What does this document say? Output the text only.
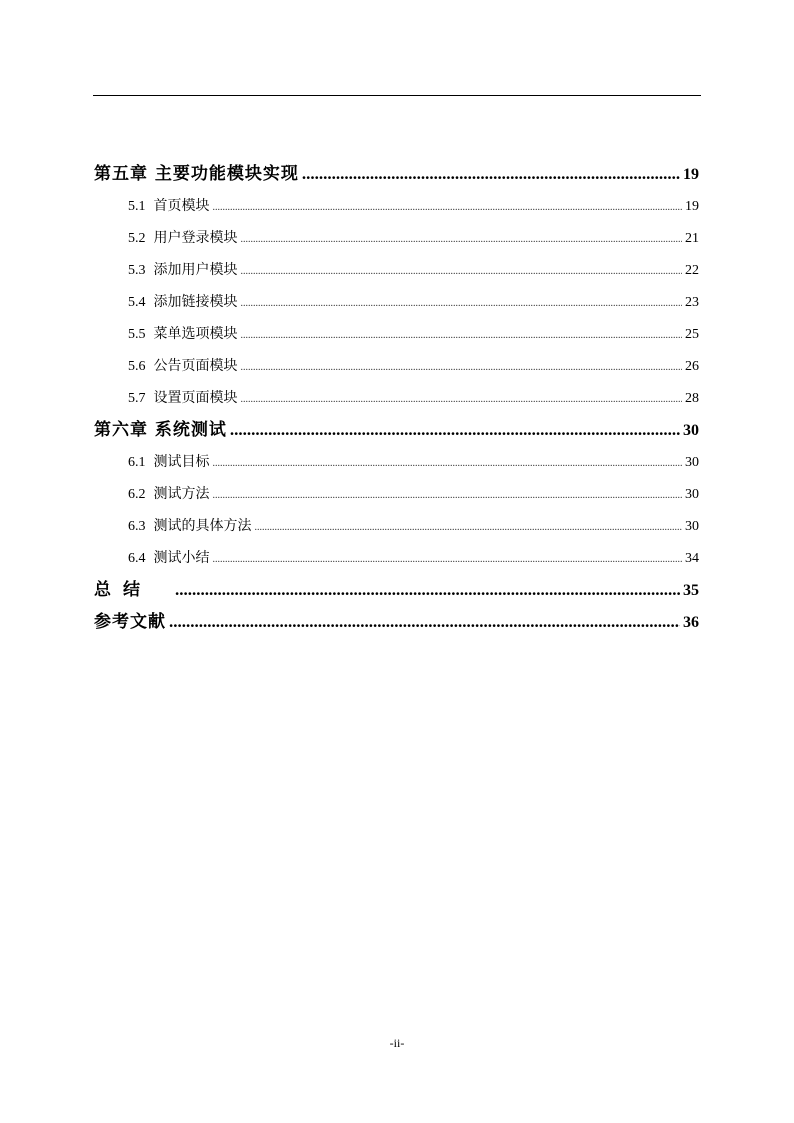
第五章 主要功能模块实现 .....	19
5.1 首页模块 .....	19
5.2 用户登录模块 .....	21
5.3 添加用户模块 .....	22
5.4 添加链接模块 .....	23
5.5 菜单选项模块 .....	25
5.6 公告页面模块 .....	26
5.7 设置页面模块 .....	28
第六章 系统测试 .....	30
6.1 测试目标 .....	30
6.2 测试方法 .....	30
6.3 测试的具体方法 .....	30
6.4 测试小结 .....	34
总结 .....	35
参考文献 .....	36
-ii-
